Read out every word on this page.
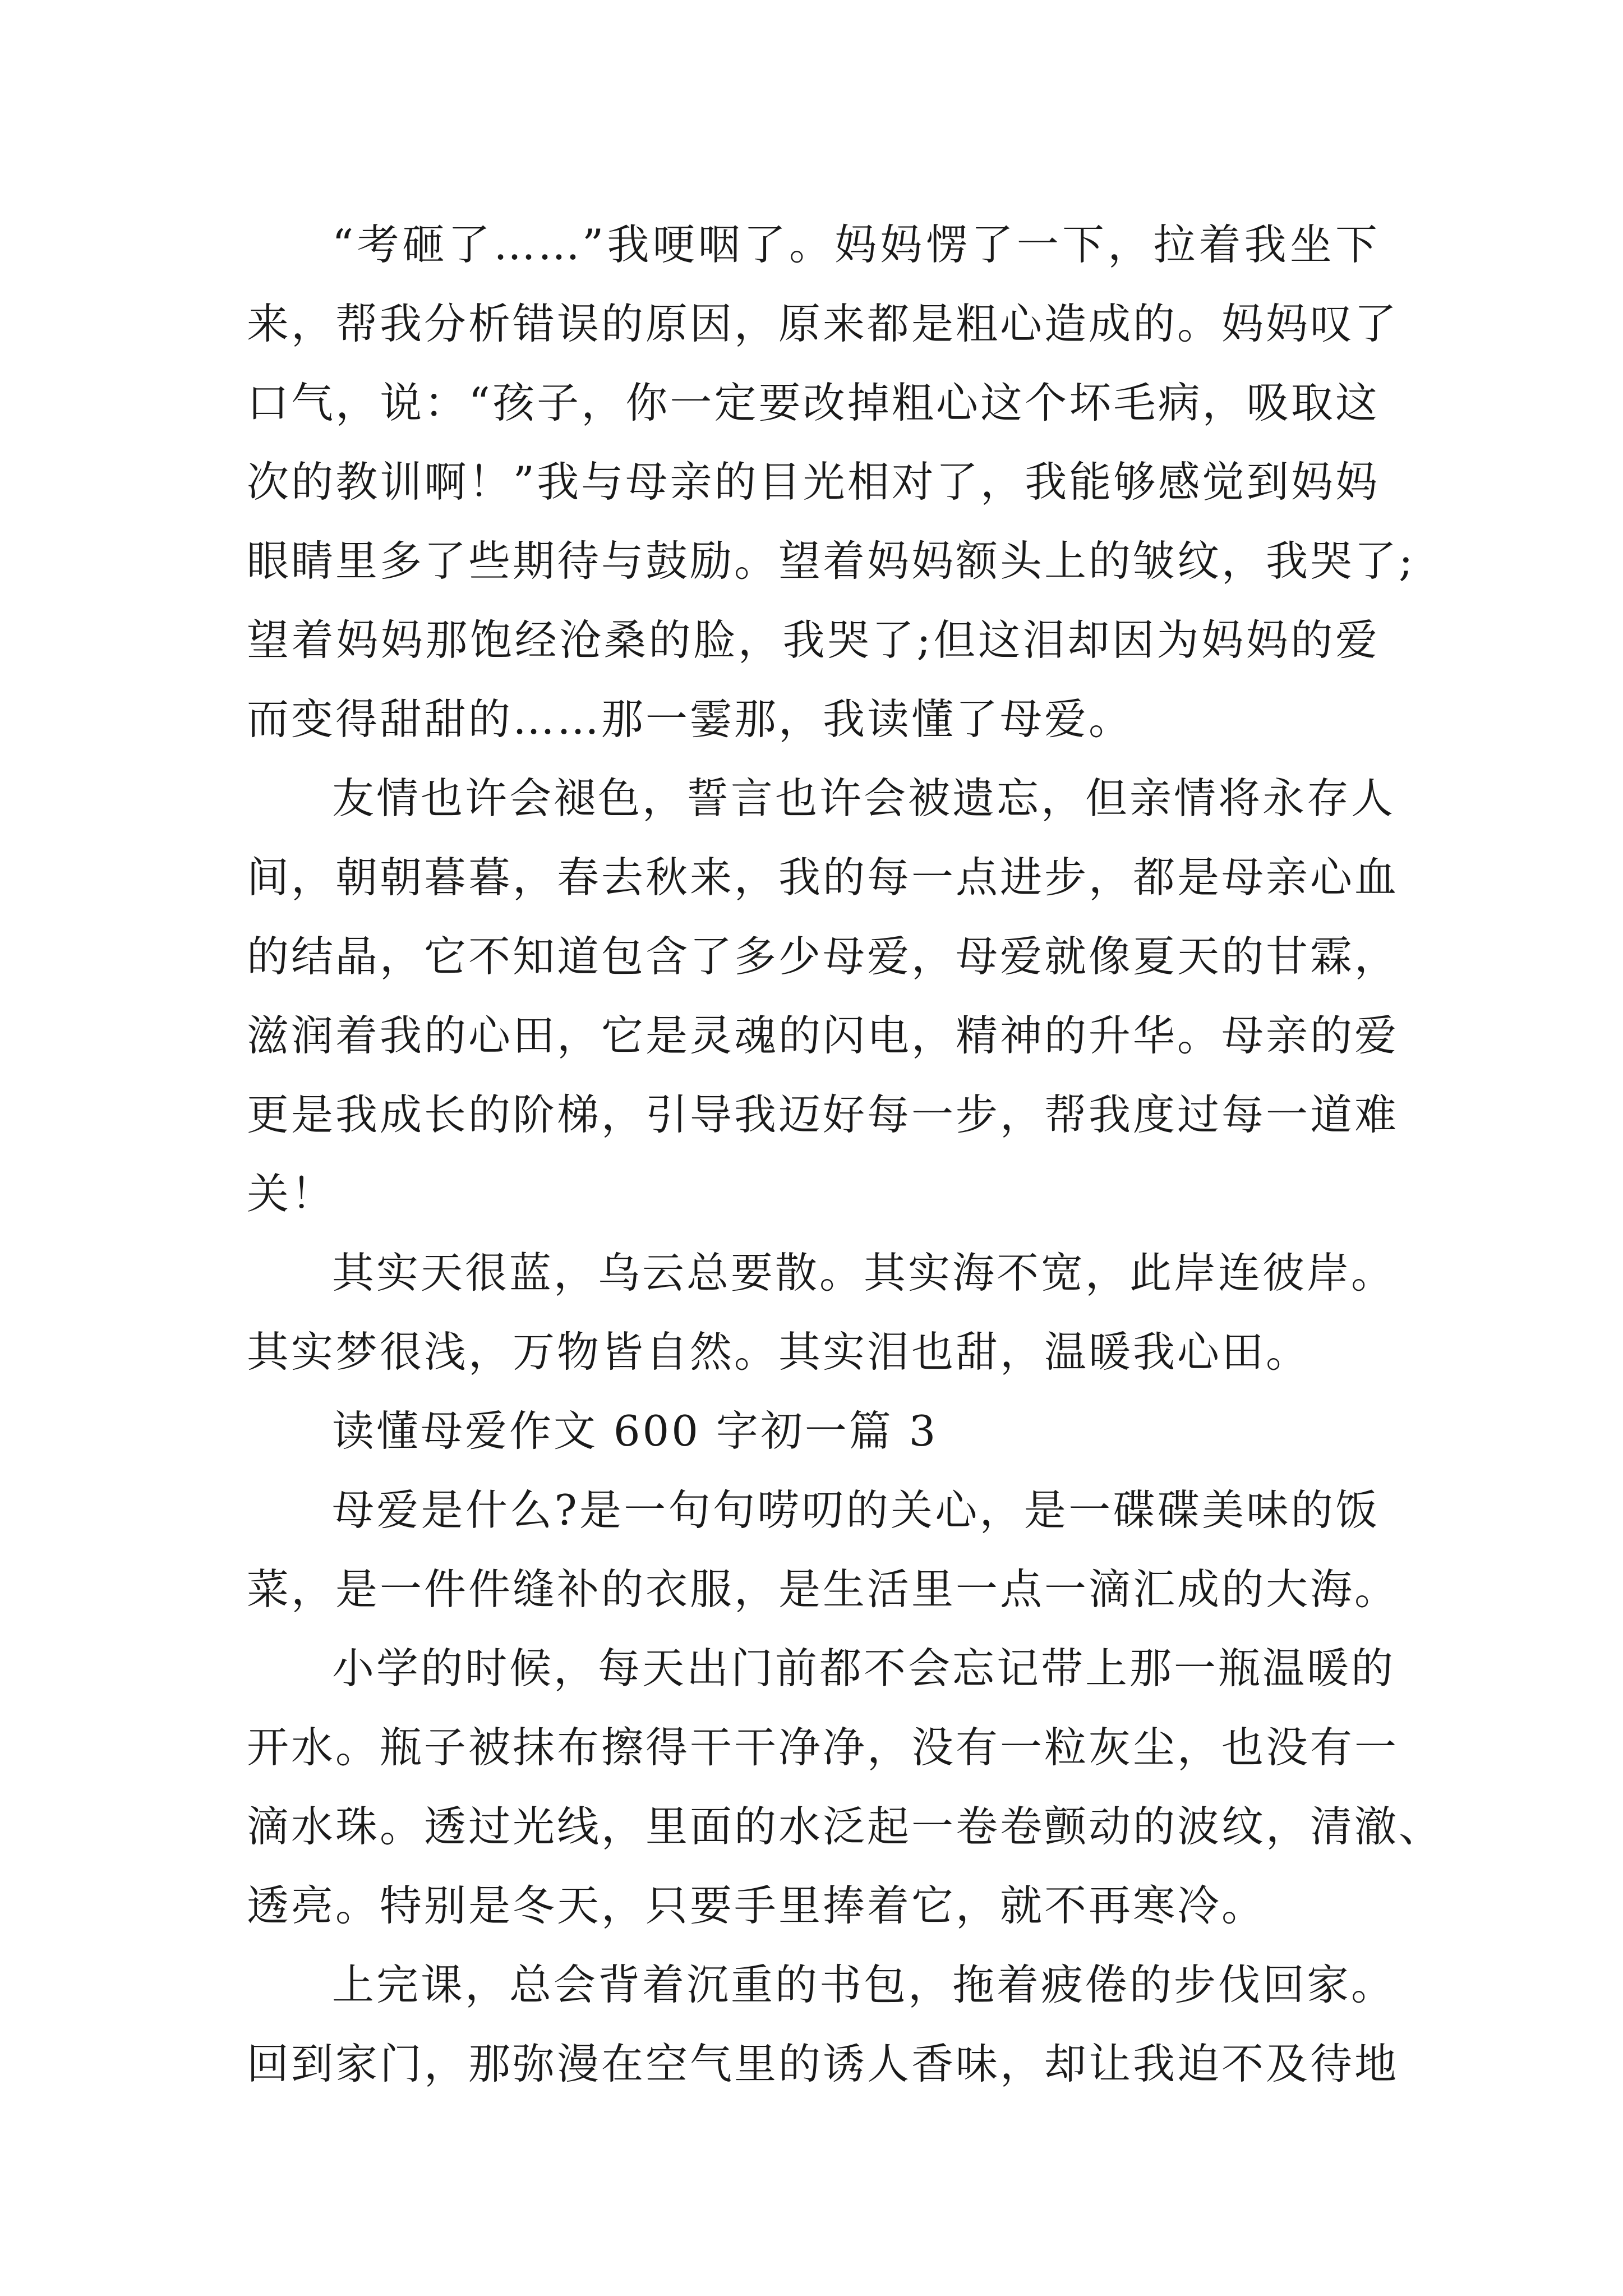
“考砸了……”我哽咽了。妈妈愣了一下，拉着我坐下
来，帮我分析错误的原因，原来都是粗心造成的。妈妈叹了
口气，说：“孩子，你一定要改掉粗心这个坏毛病，吸取这
次的教训啊！”我与母亲的目光相对了，我能够感觉到妈妈
眼睛里多了些期待与鼓励。望着妈妈额头上的皱纹，我哭了;
望着妈妈那饱经沧桑的脸，我哭了;但这泪却因为妈妈的爱
而变得甜甜的……那一霎那，我读懂了母爱。
友情也许会褪色，誓言也许会被遗忘，但亲情将永存人
间，朝朝暮暮，春去秋来，我的每一点进步，都是母亲心血
的结晶，它不知道包含了多少母爱，母爱就像夏天的甘霖，
滋润着我的心田，它是灵魂的闪电，精神的升华。母亲的爱
更是我成长的阶梯，引导我迈好每一步，帮我度过每一道难
关！
其实天很蓝，乌云总要散。其实海不宽，此岸连彼岸。
其实梦很浅，万物皆自然。其实泪也甜，温暖我心田。
读懂母爱作文 600 字初一篇 3
母爱是什么?是一句句唠叨的关心，是一碟碟美味的饭
菜，是一件件缝补的衣服，是生活里一点一滴汇成的大海。
小学的时候，每天出门前都不会忘记带上那一瓶温暖的
开水。瓶子被抹布擦得干干净净，没有一粒灰尘，也没有一
滴水珠。透过光线，里面的水泛起一卷卷颤动的波纹，清澈、
透亮。特别是冬天，只要手里捧着它，就不再寒冷。
上完课，总会背着沉重的书包，拖着疲倦的步伐回家。
回到家门，那弥漫在空气里的诱人香味，却让我迫不及待地
